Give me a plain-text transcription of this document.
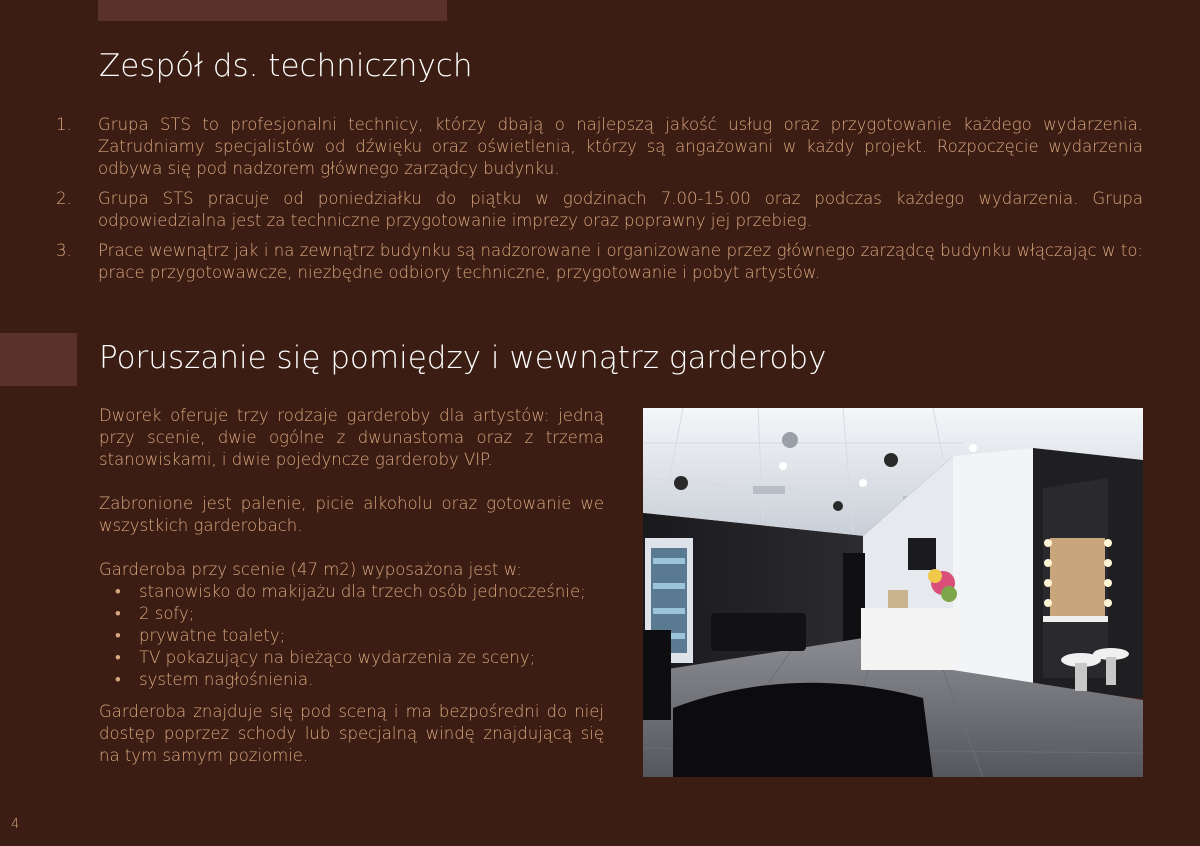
Zespół ds. technicznych
1. Grupa STS to profesjonalni technicy, którzy dbają o najlepszą jakość usług oraz przygotowanie każdego wydarzenia. Zatrudniamy specjalistów od dźwięku oraz oświetlenia, którzy są angażowani w każdy projekt. Rozpoczęcie wydarzenia odbywa się pod nadzorem głównego zarządcy budynku.
2. Grupa STS pracuje od poniedziałku do piątku w godzinach 7.00-15.00 oraz podczas każdego wydarzenia. Grupa odpowiedzialna jest za techniczne przygotowanie imprezy oraz poprawny jej przebieg.
3. Prace wewnątrz jak i na zewnątrz budynku są nadzorowane i organizowane przez głównego zarządcę budynku włączając w to: prace przygotowawcze, niezbędne odbiory techniczne, przygotowanie i pobyt artystów.
Poruszanie się pomiędzy i wewnątrz garderoby

Dworek oferuje trzy rodzaje garderoby dla artystów: jedną przy scenie, dwie ogólne z dwunastoma oraz z trzema stanowiskami, i dwie pojedyncze garderoby VIP.

Zabronione jest palenie, picie alkoholu oraz gotowanie we wszystkich garderobach.

Garderoba przy scenie (47 m2) wyposażona jest w:

• stanowisko do makijażu dla trzech osób jednocześnie;
• 2 sofy;
• prywatne toalety;
• TV pokazujący na bieżąco wydarzenia ze sceny;
• system nagłośnienia.

Garderoba znajduje się pod sceną i ma bezpośredni do niej dostęp poprzez schody lub specjalną windę znajdującą się na tym samym poziomie.

4
